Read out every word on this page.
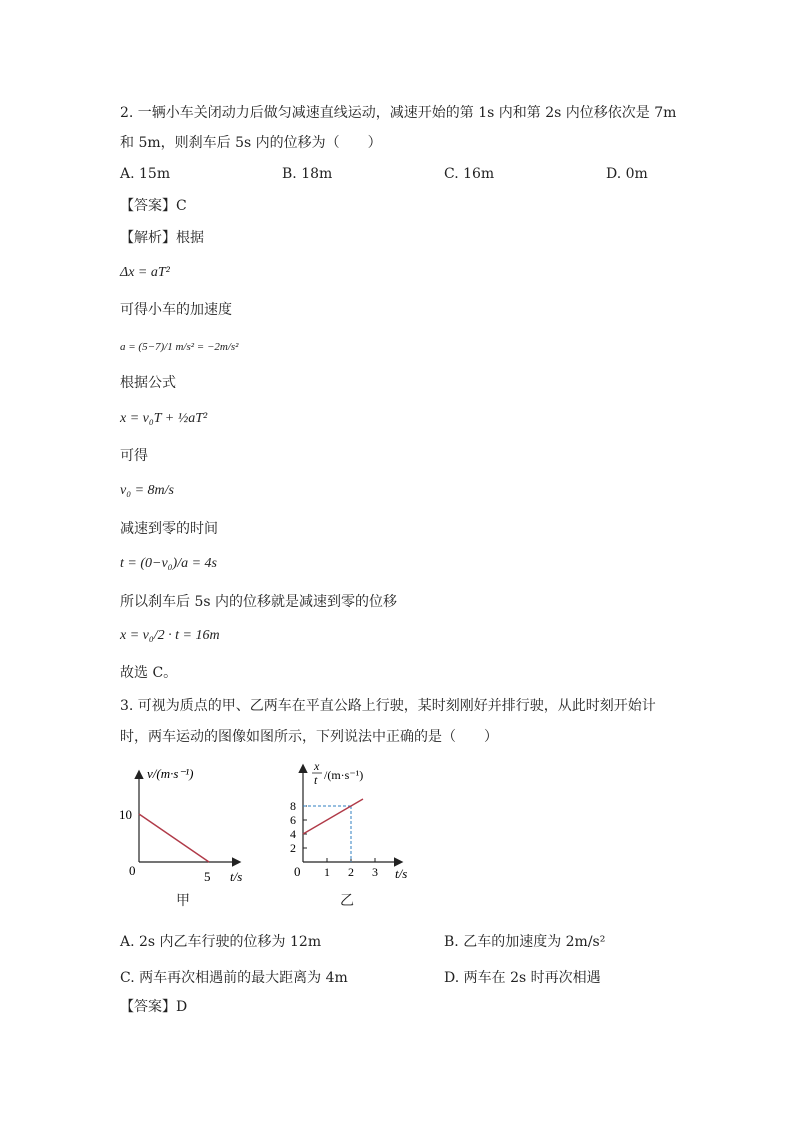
2. 一辆小车关闭动力后做匀减速直线运动，减速开始的第 1s 内和第 2s 内位移依次是 7m
和 5m，则刹车后 5s 内的位移为（　　）
A. 15m	B. 18m	C. 16m	D. 0m
【答案】C
【解析】根据
Δx = aT²
可得小车的加速度
a = (5−7)/1 m/s² = −2m/s²
根据公式
x = v₀T + ½aT²
可得
v₀ = 8m/s
减速到零的时间
t = (0−v₀)/a = 4s
所以刹车后 5s 内的位移就是减速到零的位移
x = v₀/2 · t = 16m
故选 C。
3. 可视为质点的甲、乙两车在平直公路上行驶，某时刻刚好并排行驶，从此时刻开始计
时，两车运动的图像如图所示，下列说法中正确的是（　　）
v/(m·s⁻¹)
10
0	5 t/s
甲
2
4
6
8
1 2 3
x
t /(m·s⁻¹)
0	t/s
乙
A. 2s 内乙车行驶的位移为 12m	B. 乙车的加速度为 2m/s²
C. 两车再次相遇前的最大距离为 4m	D. 两车在 2s 时再次相遇
【答案】D
